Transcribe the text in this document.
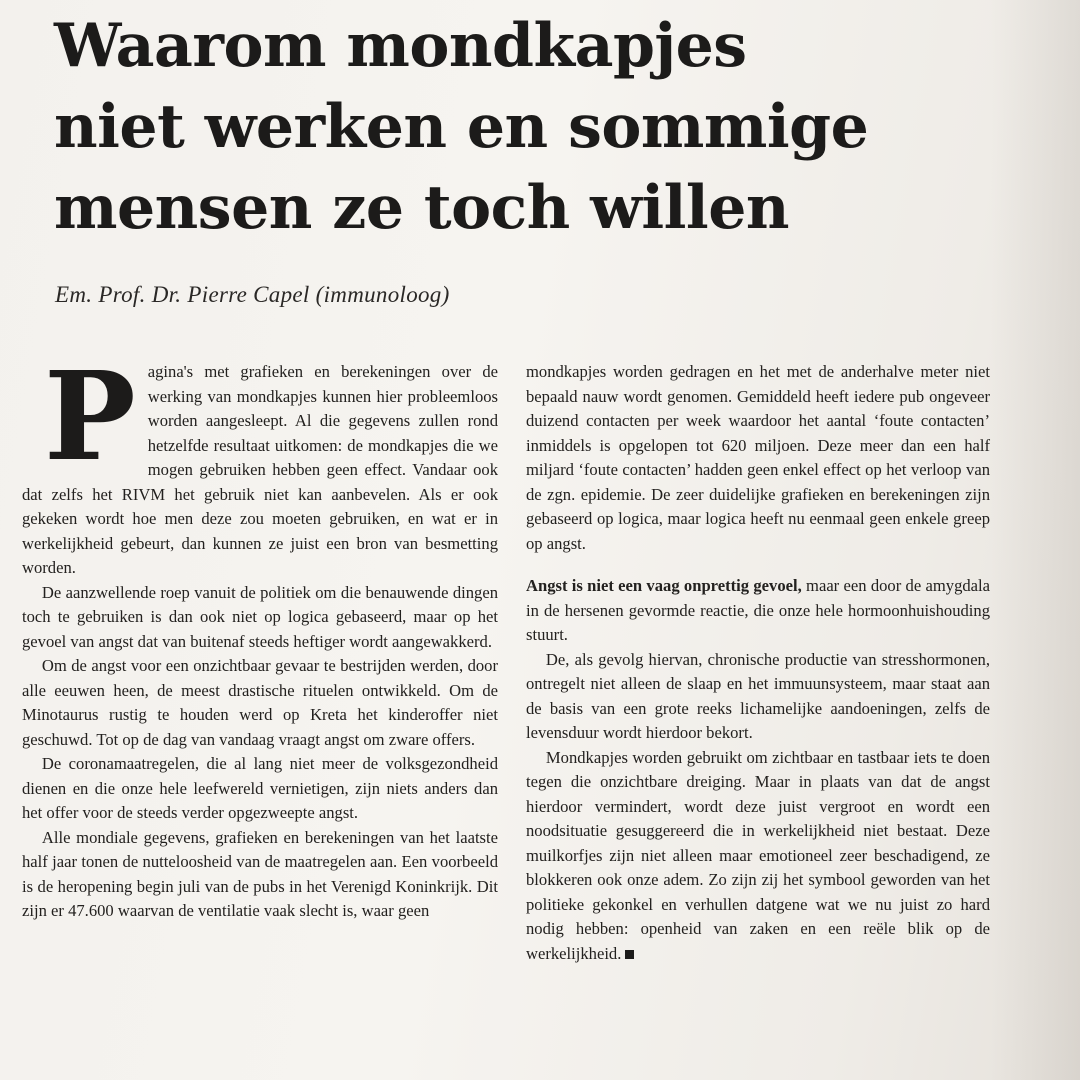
Waarom mondkapjes
niet werken en sommige
mensen ze toch willen
Em. Prof. Dr. Pierre Capel (immunoloog)

Pagina's met grafieken en berekeningen over de werking van mondkapjes kunnen hier probleemloos worden aangesleept. Al die gegevens zullen rond hetzelfde resultaat uitkomen: de mondkapjes die we mogen gebruiken hebben geen effect. Vandaar ook dat zelfs het RIVM het gebruik niet kan aanbevelen. Als er ook gekeken wordt hoe men deze zou moeten gebruiken, en wat er in werkelijkheid gebeurt, dan kunnen ze juist een bron van besmetting worden.

De aanzwellende roep vanuit de politiek om die benauwende dingen toch te gebruiken is dan ook niet op logica gebaseerd, maar op het gevoel van angst dat van buitenaf steeds heftiger wordt aangewakkerd.

Om de angst voor een onzichtbaar gevaar te bestrijden werden, door alle eeuwen heen, de meest drastische rituelen ontwikkeld. Om de Minotaurus rustig te houden werd op Kreta het kinderoffer niet geschuwd. Tot op de dag van vandaag vraagt angst om zware offers.

De coronamaatregelen, die al lang niet meer de volksgezondheid dienen en die onze hele leefwereld vernietigen, zijn niets anders dan het offer voor de steeds verder opgezweepte angst.

Alle mondiale gegevens, grafieken en berekeningen van het laatste half jaar tonen de nutteloosheid van de maatregelen aan. Een voorbeeld is de heropening begin juli van de pubs in het Verenigd Koninkrijk. Dit zijn er 47.600 waarvan de ventilatie vaak slecht is, waar geen

mondkapjes worden gedragen en het met de anderhalve meter niet bepaald nauw wordt genomen. Gemiddeld heeft iedere pub ongeveer duizend contacten per week waardoor het aantal ‘foute contacten’ inmiddels is opgelopen tot 620 miljoen. Deze meer dan een half miljard ‘foute contacten’ hadden geen enkel effect op het verloop van de zgn. epidemie. De zeer duidelijke grafieken en berekeningen zijn gebaseerd op logica, maar logica heeft nu eenmaal geen enkele greep op angst.

Angst is niet een vaag onprettig gevoel, maar een door de amygdala in de hersenen gevormde reactie, die onze hele hormoonhuishouding stuurt.

De, als gevolg hiervan, chronische productie van stresshormonen, ontregelt niet alleen de slaap en het immuunsysteem, maar staat aan de basis van een grote reeks lichamelijke aandoeningen, zelfs de levensduur wordt hierdoor bekort.

Mondkapjes worden gebruikt om zichtbaar en tastbaar iets te doen tegen die onzichtbare dreiging. Maar in plaats van dat de angst hierdoor vermindert, wordt deze juist vergroot en wordt een noodsituatie gesuggereerd die in werkelijkheid niet bestaat. Deze muilkorfjes zijn niet alleen maar emotioneel zeer beschadigend, ze blokkeren ook onze adem. Zo zijn zij het symbool geworden van het politieke gekonkel en verhullen datgene wat we nu juist zo hard nodig hebben: openheid van zaken en een reële blik op de werkelijkheid.
